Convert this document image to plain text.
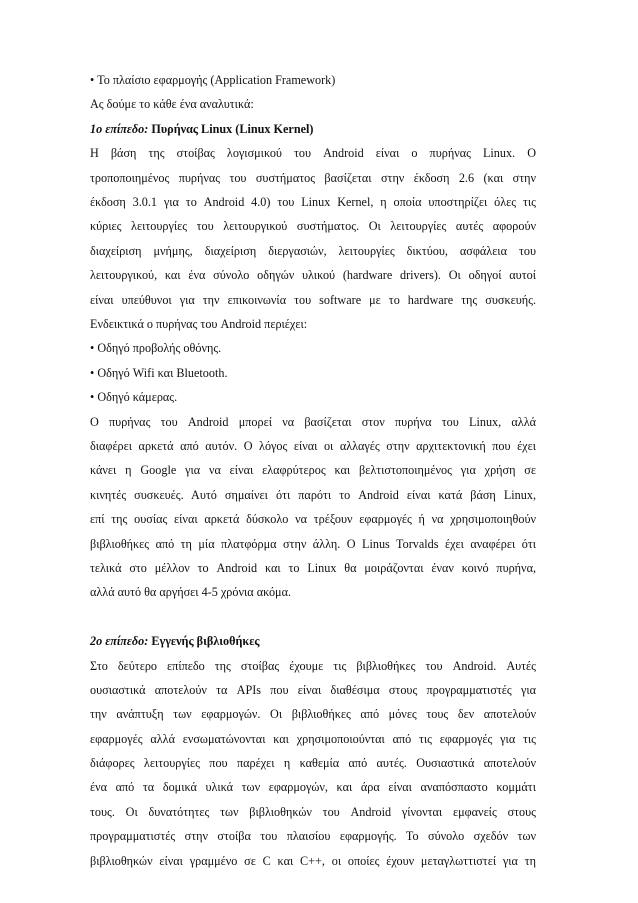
• Το πλαίσιο εφαρμογής (Application Framework)
Ας δούμε το κάθε ένα αναλυτικά:
1ο επίπεδο: Πυρήνας Linux (Linux Kernel)
Η βάση της στοίβας λογισμικού του Android είναι ο πυρήνας Linux. Ο
τροποποιημένος πυρήνας του συστήματος βασίζεται στην έκδοση 2.6 (και στην
έκδοση 3.0.1 για το Android 4.0) του Linux Kernel, η οποία υποστηρίζει όλες τις
κύριες λειτουργίες του λειτουργικού συστήματος. Οι λειτουργίες αυτές αφορούν
διαχείριση μνήμης, διαχείριση διεργασιών, λειτουργίες δικτύου, ασφάλεια του
λειτουργικού, και ένα σύνολο οδηγών υλικού (hardware drivers). Οι οδηγοί αυτοί
είναι υπεύθυνοι για την επικοινωνία του software με το hardware της συσκευής.
Ενδεικτικά ο πυρήνας του Android περιέχει:
• Οδηγό προβολής οθόνης.
• Οδηγό Wifi και Bluetooth.
• Οδηγό κάμερας.
Ο πυρήνας του Android μπορεί να βασίζεται στον πυρήνα του Linux, αλλά
διαφέρει αρκετά από αυτόν. Ο λόγος είναι οι αλλαγές στην αρχιτεκτονική που έχει
κάνει η Google για να είναι ελαφρύτερος και βελτιστοποιημένος για χρήση σε
κινητές συσκευές. Αυτό σημαίνει ότι παρότι το Android είναι κατά βάση Linux,
επί της ουσίας είναι αρκετά δύσκολο να τρέξουν εφαρμογές ή να χρησιμοποιηθούν
βιβλιοθήκες από τη μία πλατφόρμα στην άλλη. Ο Linus Torvalds έχει αναφέρει ότι
τελικά στο μέλλον το Android και το Linux θα μοιράζονται έναν κοινό πυρήνα,
αλλά αυτό θα αργήσει 4-5 χρόνια ακόμα.
2ο επίπεδο: Εγγενής βιβλιοθήκες
Στο δεύτερο επίπεδο της στοίβας έχουμε τις βιβλιοθήκες του Android. Αυτές
ουσιαστικά αποτελούν τα APIs που είναι διαθέσιμα στους προγραμματιστές για
την ανάπτυξη των εφαρμογών. Οι βιβλιοθήκες από μόνες τους δεν αποτελούν
εφαρμογές αλλά ενσωματώνονται και χρησιμοποιούνται από τις εφαρμογές για τις
διάφορες λειτουργίες που παρέχει η καθεμία από αυτές. Ουσιαστικά αποτελούν
ένα από τα δομικά υλικά των εφαρμογών, και άρα είναι αναπόσπαστο κομμάτι
τους. Οι δυνατότητες των βιβλιοθηκών του Android γίνονται εμφανείς στους
προγραμματιστές στην στοίβα του πλαισίου εφαρμογής. Το σύνολο σχεδόν των
βιβλιοθηκών είναι γραμμένο σε C και C++, οι οποίες έχουν μεταγλωττιστεί για τη
